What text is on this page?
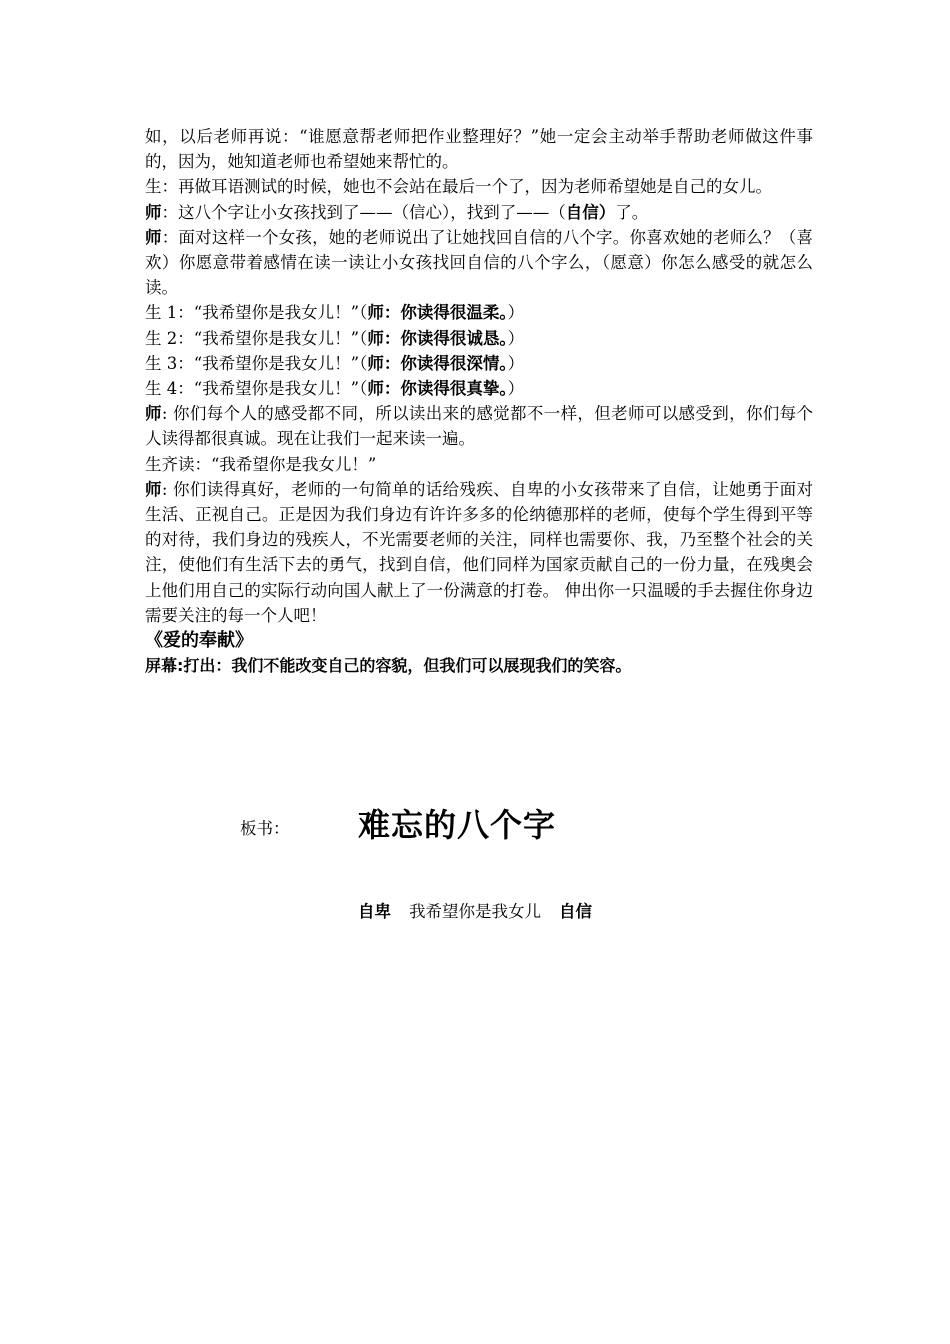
如，以后老师再说：“谁愿意帮老师把作业整理好？”她一定会主动举手帮助老师做这件事的，因为，她知道老师也希望她来帮忙的。

生：再做耳语测试的时候，她也不会站在最后一个了，因为老师希望她是自己的女儿。

师：这八个字让小女孩找到了——（信心），找到了——（自信）了。

师：面对这样一个女孩，她的老师说出了让她找回自信的八个字。你喜欢她的老师么？（喜欢）你愿意带着感情在读一读让小女孩找回自信的八个字么，（愿意）你怎么感受的就怎么读。

生 1：“我希望你是我女儿！”（师：你读得很温柔。）

生 2：“我希望你是我女儿！”（师：你读得很诚恳。）

生 3：“我希望你是我女儿！”（师：你读得很深情。）

生 4：“我希望你是我女儿！”（师：你读得很真挚。）

师: 你们每个人的感受都不同，所以读出来的感觉都不一样，但老师可以感受到，你们每个人读得都很真诚。现在让我们一起来读一遍。

生齐读：“我希望你是我女儿！”

师: 你们读得真好，老师的一句简单的话给残疾、自卑的小女孩带来了自信，让她勇于面对生活、正视自己。正是因为我们身边有许许多多的伦纳德那样的老师，使每个学生得到平等的对待，我们身边的残疾人，不光需要老师的关注，同样也需要你、我，乃至整个社会的关注，使他们有生活下去的勇气，找到自信，他们同样为国家贡献自己的一份力量，在残奥会上他们用自己的实际行动向国人献上了一份满意的打卷。 伸出你一只温暖的手去握住你身边需要关注的每一个人吧！

《爱的奉献》

屏幕:打出：我们不能改变自己的容貌，但我们可以展现我们的笑容。

板书： 难忘的八个字
自卑 我希望你是我女儿 自信
